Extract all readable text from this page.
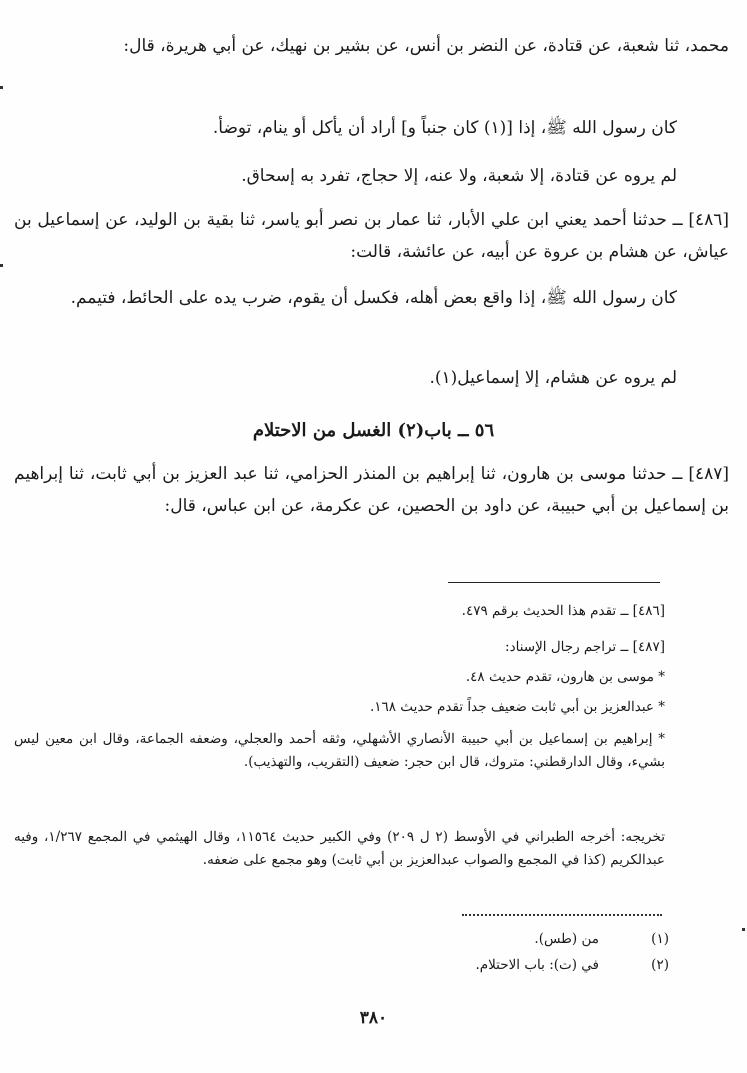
محمد، ثنا شعبة، عن قتادة، عن النضر بن أنس، عن بشير بن نهيك، عن أبي هريرة، قال:

كان رسول الله ﷺ، إذا [(١) كان جنباً و] أراد أن يأكل أو ينام، توضأ.

لم يروه عن قتادة، إلا شعبة، ولا عنه، إلا حجاج، تفرد به إسحاق.

[٤٨٦] ــ حدثنا أحمد يعني ابن علي الأبار، ثنا عمار بن نصر أبو ياسر، ثنا بقية بن الوليد، عن إسماعيل بن عياش، عن هشام بن عروة عن أبيه، عن عائشة، قالت:

كان رسول الله ﷺ، إذا واقع بعض أهله، فكسل أن يقوم، ضرب يده على الحائط، فتيمم.

لم يروه عن هشام، إلا إسماعيل(١).

٥٦ ــ باب(٢) الغسل من الاحتلام

[٤٨٧] ــ حدثنا موسى بن هارون، ثنا إبراهيم بن المنذر الحزامي، ثنا عبد العزيز بن أبي ثابت، ثنا إبراهيم بن إسماعيل بن أبي حبيبة، عن داود بن الحصين، عن عكرمة، عن ابن عباس، قال:

[٤٨٦] ــ تقدم هذا الحديث برقم ٤٧٩.

[٤٨٧] ــ تراجم رجال الإسناد:

* موسى بن هارون، تقدم حديث ٤٨.

* عبدالعزيز بن أبي ثابت ضعيف جداً تقدم حديث ١٦٨.

* إبراهيم بن إسماعيل بن أبي حبيبة الأنصاري الأشهلي، وثقه أحمد والعجلي، وضعفه الجماعة، وقال ابن معين ليس بشيء، وقال الدارقطني: متروك، قال ابن حجر: ضعيف (التقريب، والتهذيب).

تخريجه: أخرجه الطبراني في الأوسط (٢ ل ٢٠٩) وفي الكبير حديث ١١٥٦٤، وقال الهيثمي في المجمع ١/٢٦٧، وفيه عبدالكريم (كذا في المجمع والصواب عبدالعزيز بن أبي ثابت) وهو مجمع على ضعفه.

(١)
من (طس).
(٢)
في (ت): باب الاحتلام.
٣٨٠
